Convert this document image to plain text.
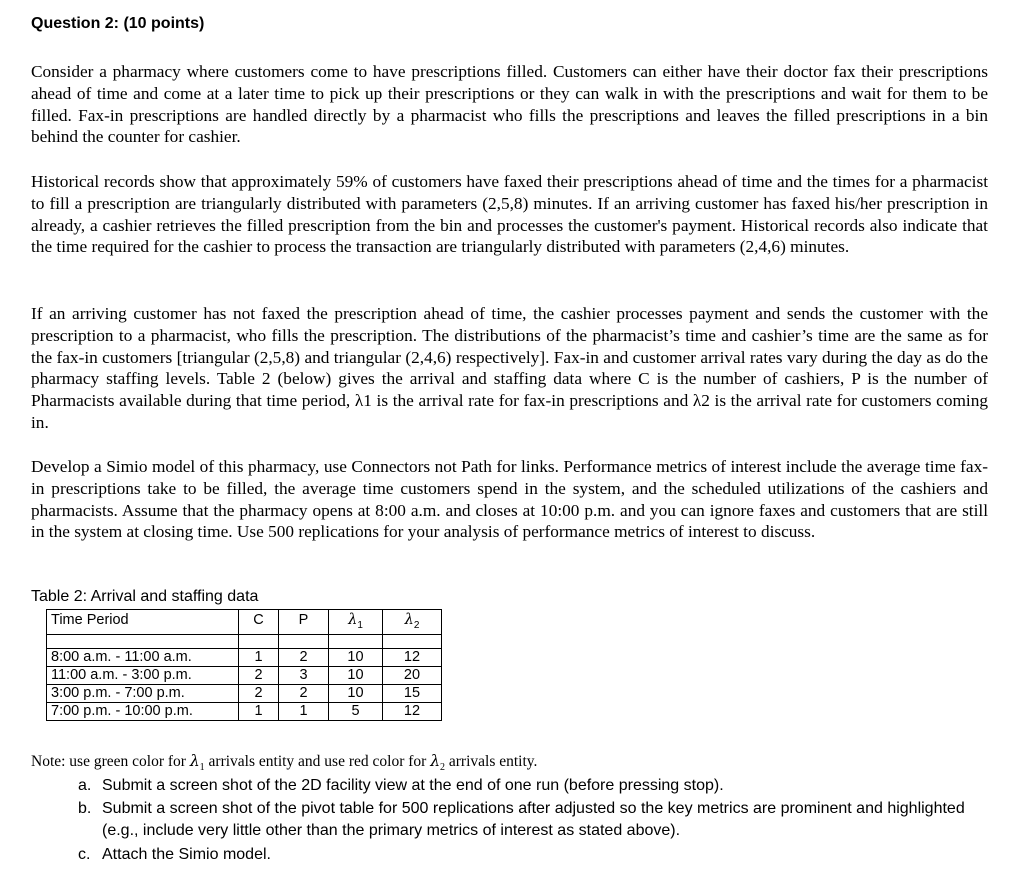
Question 2: (10 points)

Consider a pharmacy where customers come to have prescriptions filled. Customers can either have their doctor fax their prescriptions ahead of time and come at a later time to pick up their prescriptions or they can walk in with the prescriptions and wait for them to be filled. Fax-in prescriptions are handled directly by a pharmacist who fills the prescriptions and leaves the filled prescriptions in a bin behind the counter for cashier.

Historical records show that approximately 59% of customers have faxed their prescriptions ahead of time and the times for a pharmacist to fill a prescription are triangularly distributed with parameters (2,5,8) minutes. If an arriving customer has faxed his/her prescription in already, a cashier retrieves the filled prescription from the bin and processes the customer's payment. Historical records also indicate that the time required for the cashier to process the transaction are triangularly distributed with parameters (2,4,6) minutes.

If an arriving customer has not faxed the prescription ahead of time, the cashier processes payment and sends the customer with the prescription to a pharmacist, who fills the prescription. The distributions of the pharmacist’s time and cashier’s time are the same as for the fax-in customers [triangular (2,5,8) and triangular (2,4,6) respectively]. Fax-in and customer arrival rates vary during the day as do the pharmacy staffing levels. Table 2 (below) gives the arrival and staffing data where C is the number of cashiers, P is the number of Pharmacists available during that time period, λ1 is the arrival rate for fax-in prescriptions and λ2 is the arrival rate for customers coming in.

Develop a Simio model of this pharmacy, use Connectors not Path for links. Performance metrics of interest include the average time fax-in prescriptions take to be filled, the average time customers spend in the system, and the scheduled utilizations of the cashiers and pharmacists. Assume that the pharmacy opens at 8:00 a.m. and closes at 10:00 p.m. and you can ignore faxes and customers that are still in the system at closing time. Use 500 replications for your analysis of performance metrics of interest to discuss.

Table 2: Arrival and staffing data
Time Period	C	P	$\lambda_1$	$\lambda_2$

8:00 a.m. - 11:00 a.m.	1	2	10	12
11:00 a.m. - 3:00 p.m.	2	3	10	20
3:00 p.m. - 7:00 p.m.	2	2	10	15
7:00 p.m. - 10:00 p.m.	1	1	5	12
Note: use green color for $\lambda_1$ arrivals entity and use red color for $\lambda_2$ arrivals entity.
a. Submit a screen shot of the 2D facility view at the end of one run (before pressing stop).
b. Submit a screen shot of the pivot table for 500 replications after adjusted so the key metrics are prominent and highlighted (e.g., include very little other than the primary metrics of interest as stated above).
c. Attach the Simio model.
